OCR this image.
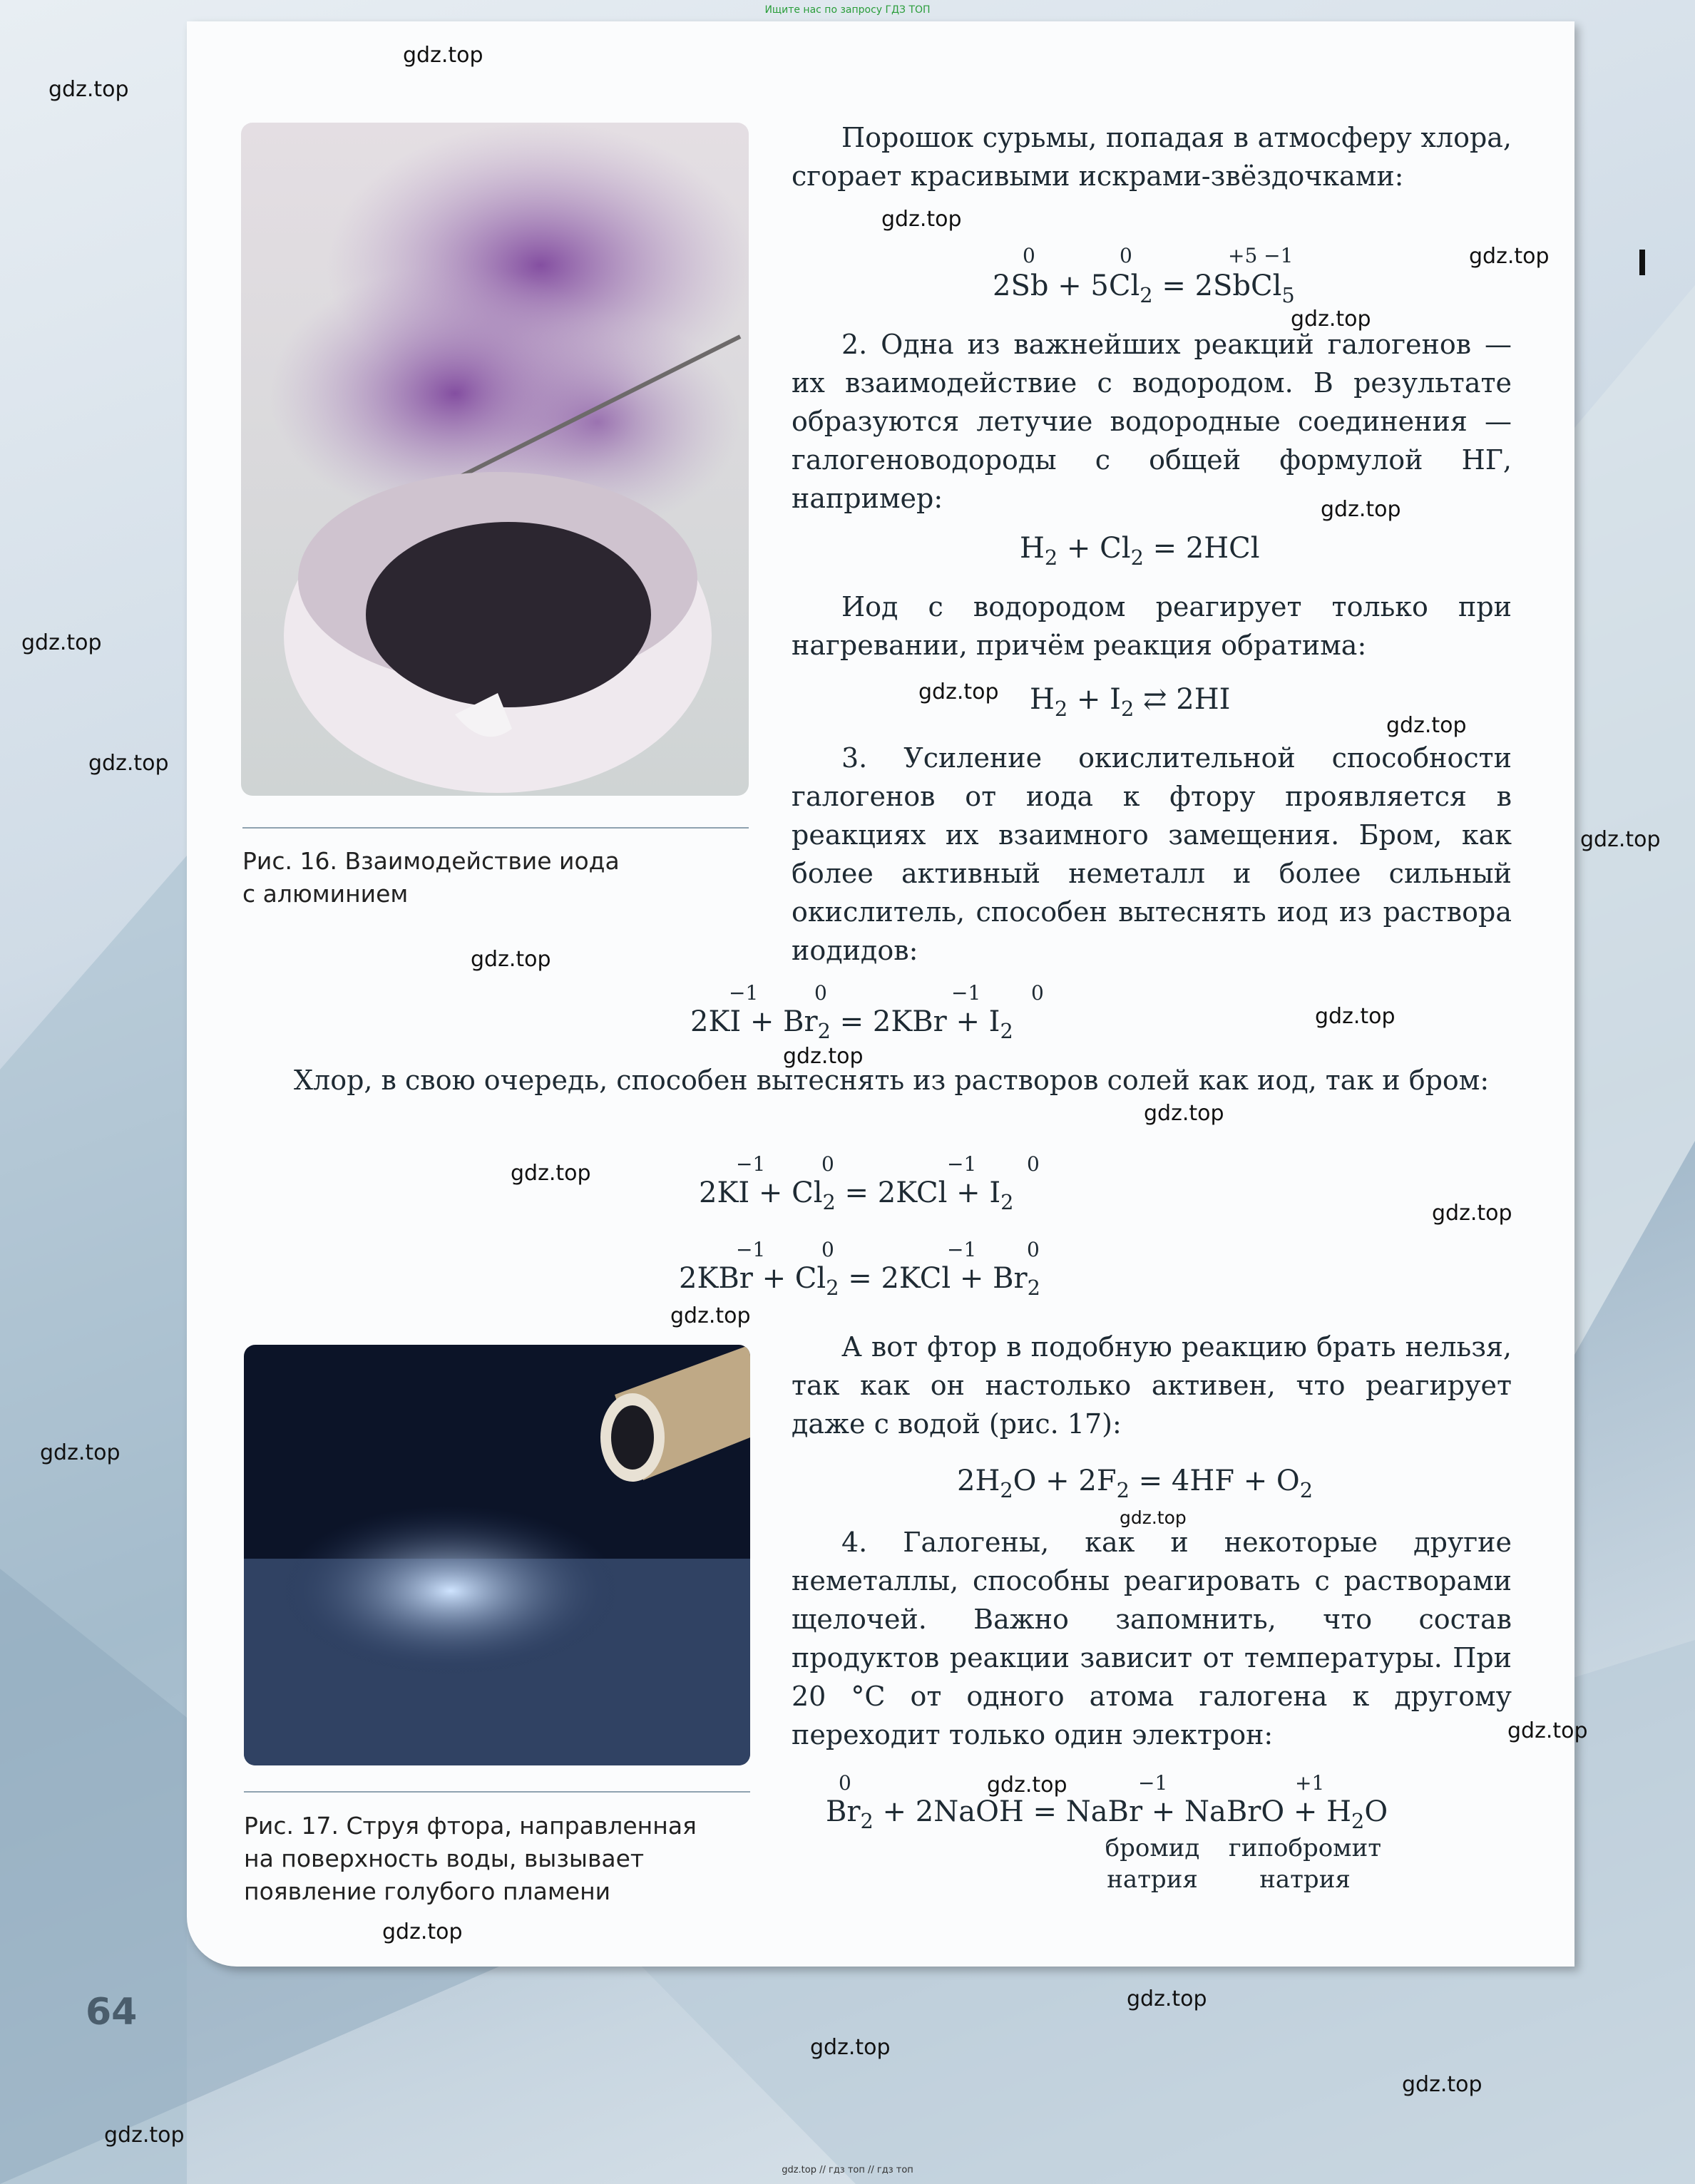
Ищите нас по запросу ГДЗ ТОП
Рис. 16. Взаимодействие иода
с алюминием
Рис. 17. Струя фтора, направленная
на поверхность воды, вызывает
появление голубого пламени
Порошок сурьмы, попадая в атмосферу хлора, сгорает красивыми искрами-звёздочками:
0	0	+5 −1
$2Sb + 5Cl_2$ = 2SbCl$_5$
2. Одна из важнейших реакций галогенов — их взаимодействие с водородом. В результате образуются летучие водородные соединения — галогеноводороды с общей формулой НГ, например:
$H_2 + Cl_2 = 2HCl$
Иод с водородом реагирует только при нагревании, причём реакция обратима:
$H_2 + I_2$ ⇄ 2HI
3. Усиление окислительной способности галогенов от иода к фтору проявляется в реакциях их взаимного замещения. Бром, как более активный неметалл и более сильный окислитель, способен вытеснять иод из раствора иодидов:
−1	0	−1	0
$2KI + Br_2 = 2KBr + I_2$
Хлор, в свою очередь, способен вытеснять из растворов солей как иод, так и бром:
−1	0	−1	0
$2KI + Cl_2 = 2KCl + I_2$
−1	0	−1	0
$2KBr + Cl_2 = 2KCl + Br_2$
А вот фтор в подобную реакцию брать нельзя, так как он настолько активен, что реагирует даже с водой (рис. 17):
$2H_2O + 2F_2 = 4HF + O_2$
4. Галогены, как и некоторые другие неметаллы, способны реагировать с растворами щелочей. Важно запомнить, что состав продуктов реакции зависит от температуры. При 20 °С от одного атома галогена к другому переходит только один электрон:
0	−1	+1
$Br_2$ + 2NaOH = NaBr + NaBrO + $H_2O$
бромид
натрия
гипобромит
натрия
64
gdz.top
gdz.top
gdz.top
gdz.top
gdz.top
gdz.top
gdz.top
gdz.top
gdz.top
gdz.top
gdz.top
gdz.top
gdz.top
gdz.top
gdz.top
gdz.top
gdz.top
gdz.top
gdz.top
gdz.top
gdz.top
gdz.top
gdz.top
gdz.top
gdz.top
gdz.top
gdz.top
gdz.top // гдз топ // гдз топ
